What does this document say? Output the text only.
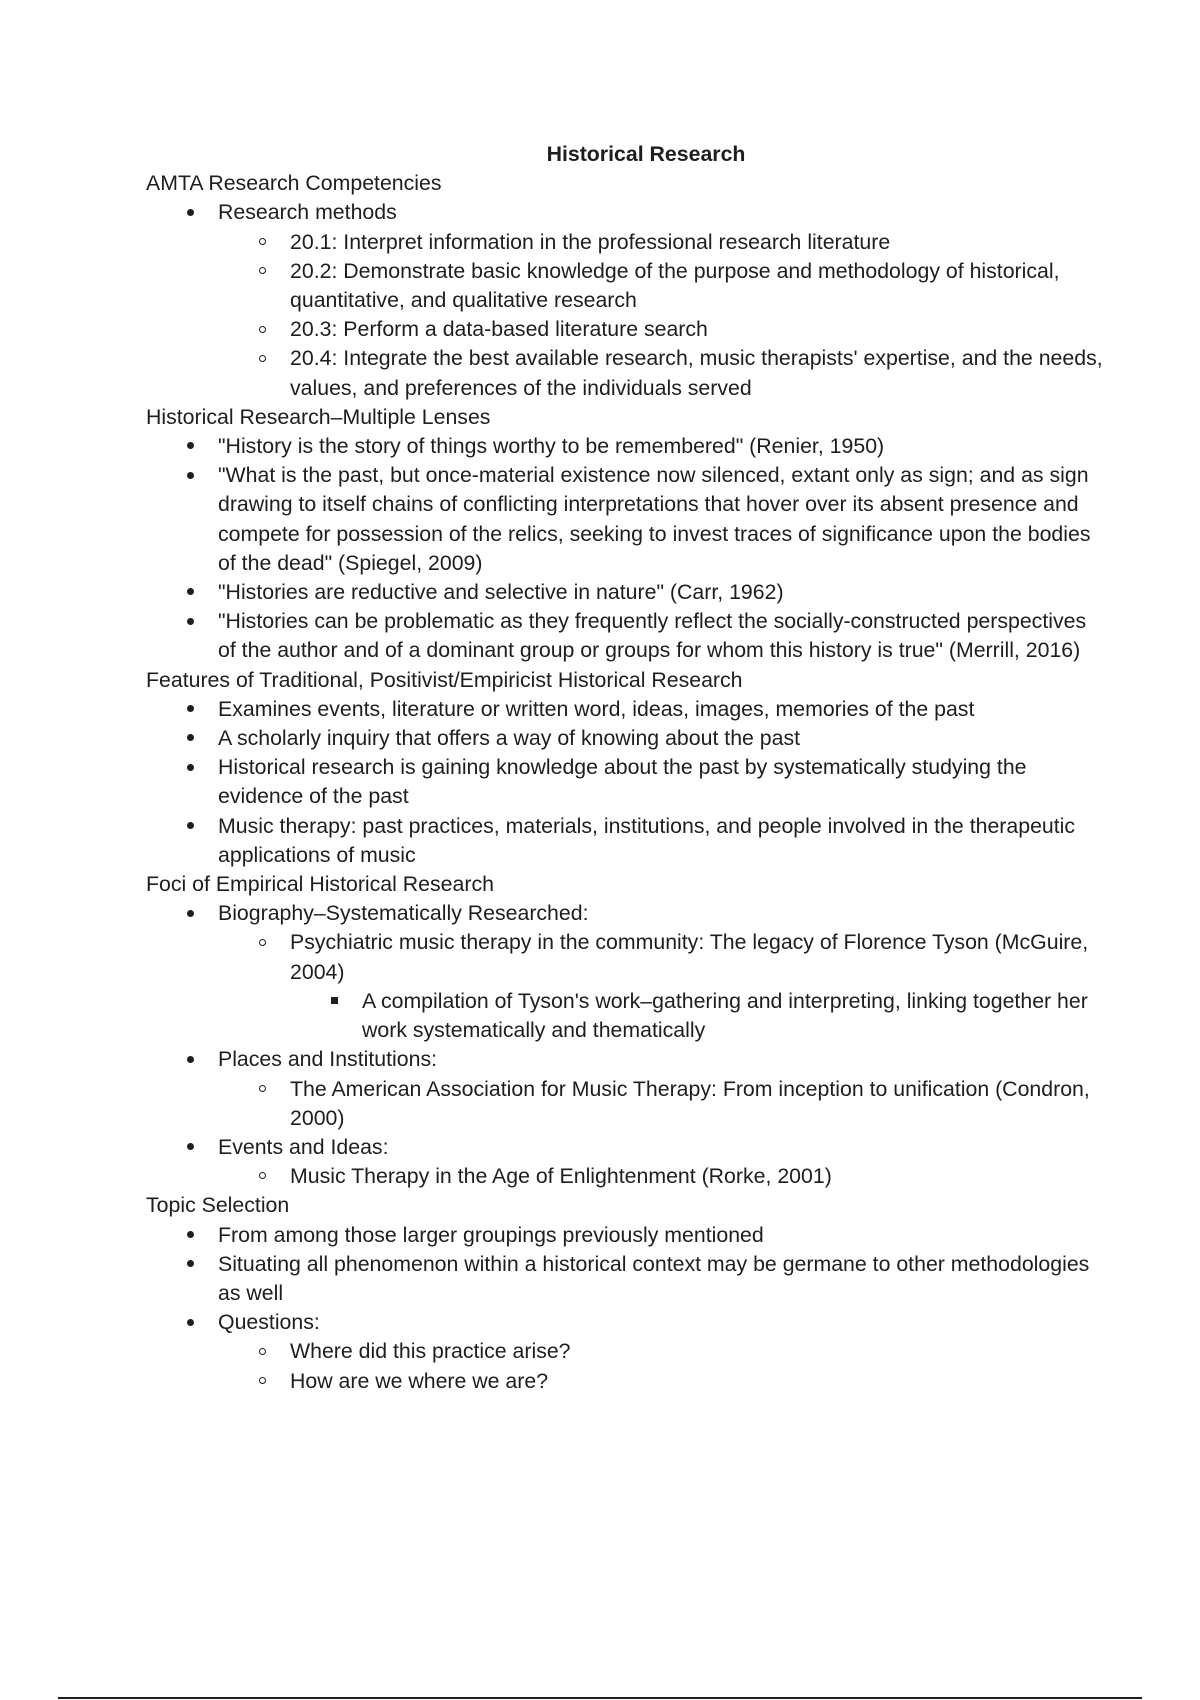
Historical Research

AMTA Research Competencies

Research methods
20.1: Interpret information in the professional research literature
20.2: Demonstrate basic knowledge of the purpose and methodology of historical, quantitative, and qualitative research
20.3: Perform a data-based literature search
20.4: Integrate the best available research, music therapists' expertise, and the needs, values, and preferences of the individuals served

Historical Research–Multiple Lenses

"History is the story of things worthy to be remembered" (Renier, 1950)
"What is the past, but once-material existence now silenced, extant only as sign; and as sign drawing to itself chains of conflicting interpretations that hover over its absent presence and compete for possession of the relics, seeking to invest traces of significance upon the bodies of the dead" (Spiegel, 2009)
"Histories are reductive and selective in nature" (Carr, 1962)
"Histories can be problematic as they frequently reflect the socially-constructed perspectives of the author and of a dominant group or groups for whom this history is true" (Merrill, 2016)

Features of Traditional, Positivist/Empiricist Historical Research

Examines events, literature or written word, ideas, images, memories of the past
A scholarly inquiry that offers a way of knowing about the past
Historical research is gaining knowledge about the past by systematically studying the evidence of the past
Music therapy: past practices, materials, institutions, and people involved in the therapeutic applications of music

Foci of Empirical Historical Research

Biography–Systematically Researched:
Psychiatric music therapy in the community: The legacy of Florence Tyson (McGuire, 2004)
A compilation of Tyson's work–gathering and interpreting, linking together her work systematically and thematically
Places and Institutions:
The American Association for Music Therapy: From inception to unification (Condron, 2000)
Events and Ideas:
Music Therapy in the Age of Enlightenment (Rorke, 2001)

Topic Selection

From among those larger groupings previously mentioned
Situating all phenomenon within a historical context may be germane to other methodologies as well
Questions:
Where did this practice arise?
How are we where we are?
